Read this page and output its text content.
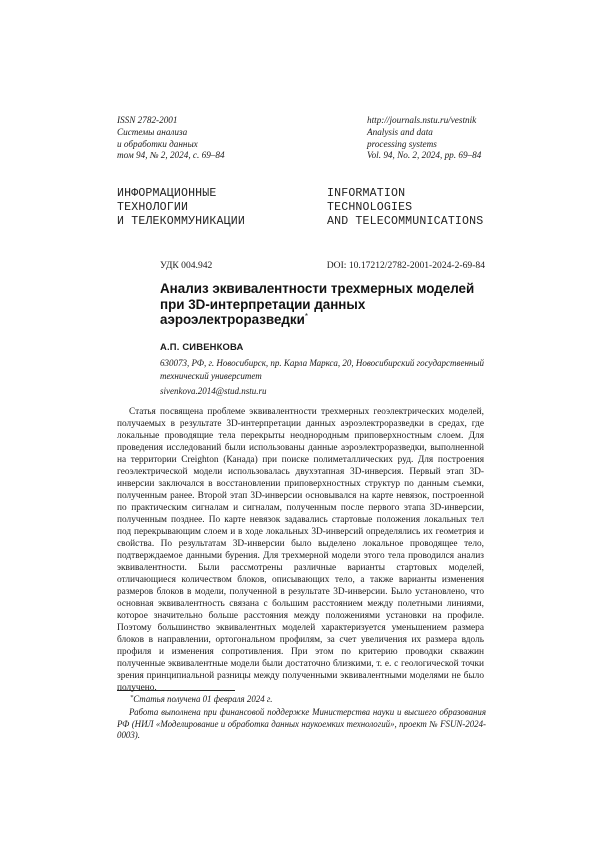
ISSN 2782-2001
Системы анализа
и обработки данных
том 94, № 2, 2024, с. 69–84
http://journals.nstu.ru/vestnik
Analysis and data
processing systems
Vol. 94, No. 2, 2024, pp. 69–84
ИНФОРМАЦИОННЫЕ
ТЕХНОЛОГИИ
И ТЕЛЕКОММУНИКАЦИИ
INFORMATION
TECHNOLOGIES
AND TELECOMMUNICATIONS
УДК 004.942	DOI: 10.17212/2782-2001-2024-2-69-84
Анализ эквивалентности трехмерных моделей
при 3D-интерпретации данных
аэроэлектроразведки*
А.П. СИВЕНКОВА
630073, РФ, г. Новосибирск, пр. Карла Маркса, 20, Новосибирский государственный технический университет
sivenkova.2014@stud.nstu.ru

Статья посвящена проблеме эквивалентности трехмерных геоэлектрических моделей, получаемых в результате 3D-интерпретации данных аэроэлектроразведки в средах, где локальные проводящие тела перекрыты неоднородным приповерхностным слоем. Для проведения исследований были использованы данные аэроэлектроразведки, выполненной на территории Creighton (Канада) при поиске полиметаллических руд. Для построения геоэлектрической модели использовалась двухэтапная 3D-инверсия. Первый этап 3D-инверсии заключался в восстановлении приповерхностных структур по данным съемки, полученным ранее. Второй этап 3D-инверсии основывался на карте невязок, построенной по практическим сигналам и сигналам, полученным после первого этапа 3D-инверсии, полученным позднее. По карте невязок задавались стартовые положения локальных тел под перекрывающим слоем и в ходе локальных 3D-инверсий определялись их геометрия и свойства. По результатам 3D-инверсии было выделено локальное проводящее тело, подтверждаемое данными бурения. Для трехмерной модели этого тела проводился анализ эквивалентности. Были рассмотрены различные варианты стартовых моделей, отличающиеся количеством блоков, описывающих тело, а также варианты изменения размеров блоков в модели, полученной в результате 3D-инверсии. Было установлено, что основная эквивалентность связана с большим расстоянием между полетными линиями, которое значительно больше расстояния между положениями установки на профиле. Поэтому большинство эквивалентных моделей характеризуется уменьшением размера блоков в направлении, ортогональном профилям, за счет увеличения их размера вдоль профиля и изменения сопротивления. При этом по критерию проводки скважин полученные эквивалентные модели были достаточно близкими, т. е. с геологической точки зрения принципиальной разницы между полученными эквивалентными моделями не было получено.

*Статья получена 01 февраля 2024 г.
Работа выполнена при финансовой поддержке Министерства науки и высшего образования РФ (НИЛ «Моделирование и обработка данных наукоемких технологий», проект № FSUN-2024-0003).
